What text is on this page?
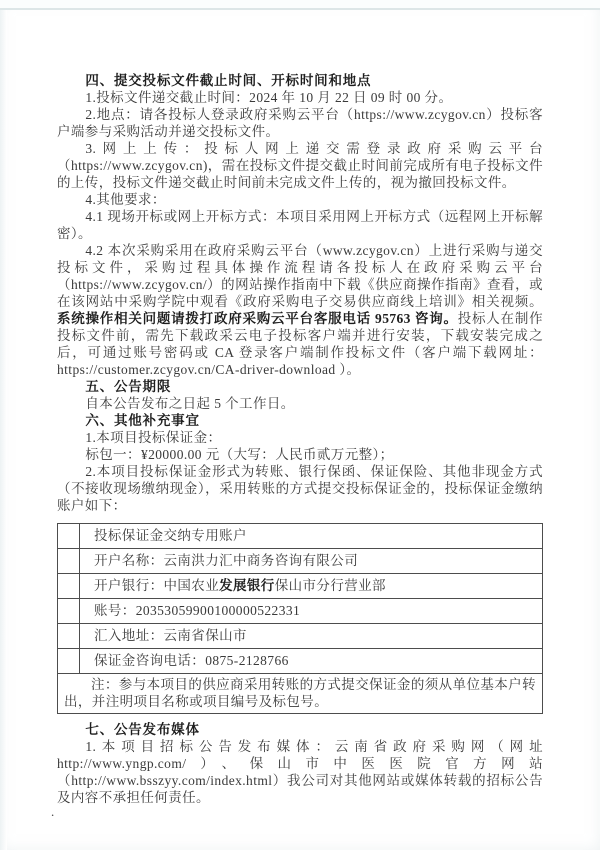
四、提交投标文件截止时间、开标时间和地点

1.投标文件递交截止时间：2024 年 10 月 22 日 09 时 00 分。

2.地点：请各投标人登录政府采购云平台（https://www.zcygov.cn）投标客户端参与采购活动并递交投标文件。

3.网上上传：投标人网上递交需登录政府采购云平台（https://www.zcygov.cn)，需在投标文件提交截止时间前完成所有电子投标文件的上传，投标文件递交截止时间前未完成文件上传的，视为撤回投标文件。

4.其他要求：

4.1 现场开标或网上开标方式：本项目采用网上开标方式（远程网上开标解密）。

4.2 本次采购采用在政府采购云平台（www.zcygov.cn）上进行采购与递交投标文件，采购过程具体操作流程请各投标人在政府采购云平台（https://www.zcygov.cn/）的网站操作指南中下载《供应商操作指南》查看，或在该网站中采购学院中观看《政府采购电子交易供应商线上培训》相关视频。系统操作相关问题请拨打政府采购云平台客服电话 95763 咨询。投标人在制作投标文件前，需先下载政采云电子投标客户端并进行安装，下载安装完成之后，可通过账号密码或 CA 登录客户端制作投标文件（客户端下载网址： https://customer.zcygov.cn/CA-driver-download ）。

五、公告期限

自本公告发布之日起 5 个工作日。

六、其他补充事宜

1.本项目投标保证金：

标包一：¥20000.00 元（大写：人民币贰万元整）；

2.本项目投标保证金形式为转账、银行保函、保证保险、其他非现金方式（不接收现场缴纳现金），采用转账的方式提交投标保证金的，投标保证金缴纳账户如下：

	投标保证金交纳专用账户
	开户名称：云南洪力汇中商务咨询有限公司
	开户银行：中国农业发展银行保山市分行营业部
	账号：20353059900100000522331
	汇入地址：云南省保山市
	保证金咨询电话：0875-2128766
注：参与本项目的供应商采用转账的方式提交保证金的须从单位基本户转出，并注明项目名称或项目编号及标包号。	
七、公告发布媒体

1.本项目招标公告发布媒体：云南省政府采购网（网址 http://www.yngp.com/）、保山市中医医院官方网站（http://www.bsszyy.com/index.html）我公司对其他网站或媒体转载的招标公告及内容不承担任何责任。

.
